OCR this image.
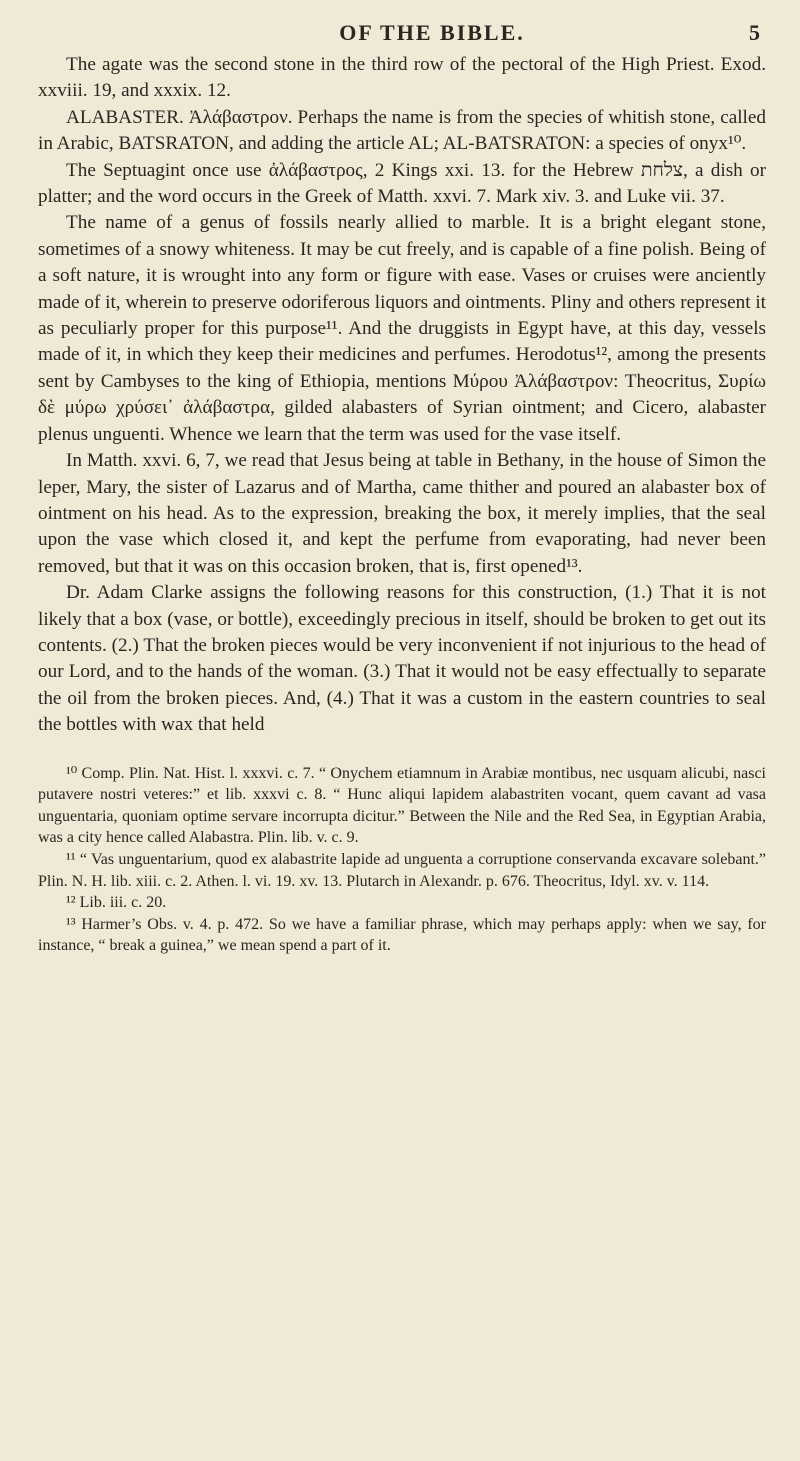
OF THE BIBLE.	5

The agate was the second stone in the third row of the pectoral of the High Priest. Exod. xxviii. 19, and xxxix. 12.

ALABASTER. Ἀλάβαστρον. Perhaps the name is from the species of whitish stone, called in Arabic, BATSRATON, and adding the article AL; AL-BATSRATON: a species of onyx¹⁰.

The Septuagint once use ἀλάβαστρος, 2 Kings xxi. 13. for the Hebrew צלחת, a dish or platter; and the word occurs in the Greek of Matth. xxvi. 7. Mark xiv. 3. and Luke vii. 37.

The name of a genus of fossils nearly allied to marble. It is a bright elegant stone, sometimes of a snowy whiteness. It may be cut freely, and is capable of a fine polish. Being of a soft nature, it is wrought into any form or figure with ease. Vases or cruises were anciently made of it, wherein to preserve odoriferous liquors and ointments. Pliny and others represent it as peculiarly proper for this purpose¹¹. And the druggists in Egypt have, at this day, vessels made of it, in which they keep their medicines and perfumes. Herodotus¹², among the presents sent by Cambyses to the king of Ethiopia, mentions Μύρου Ἀλάβαστρον: Theocritus, Συρίω δὲ μύρω χρύσει᾽ ἀλάβαστρα, gilded alabasters of Syrian ointment; and Cicero, alabaster plenus unguenti. Whence we learn that the term was used for the vase itself.

In Matth. xxvi. 6, 7, we read that Jesus being at table in Bethany, in the house of Simon the leper, Mary, the sister of Lazarus and of Martha, came thither and poured an alabaster box of ointment on his head. As to the expression, breaking the box, it merely implies, that the seal upon the vase which closed it, and kept the perfume from evaporating, had never been removed, but that it was on this occasion broken, that is, first opened¹³.

Dr. Adam Clarke assigns the following reasons for this construction, (1.) That it is not likely that a box (vase, or bottle), exceedingly precious in itself, should be broken to get out its contents. (2.) That the broken pieces would be very inconvenient if not injurious to the head of our Lord, and to the hands of the woman. (3.) That it would not be easy effectually to separate the oil from the broken pieces. And, (4.) That it was a custom in the eastern countries to seal the bottles with wax that held

¹⁰ Comp. Plin. Nat. Hist. l. xxxvi. c. 7. “ Onychem etiamnum in Arabiæ montibus, nec usquam alicubi, nasci putavere nostri veteres:” et lib. xxxvi c. 8. “ Hunc aliqui lapidem alabastriten vocant, quem cavant ad vasa unguentaria, quoniam optime servare incorrupta dicitur.” Between the Nile and the Red Sea, in Egyptian Arabia, was a city hence called Alabastra. Plin. lib. v. c. 9.

¹¹ “ Vas unguentarium, quod ex alabastrite lapide ad unguenta a corruptione conservanda excavare solebant.” Plin. N. H. lib. xiii. c. 2. Athen. l. vi. 19. xv. 13. Plutarch in Alexandr. p. 676. Theocritus, Idyl. xv. v. 114.

¹² Lib. iii. c. 20.

¹³ Harmer’s Obs. v. 4. p. 472. So we have a familiar phrase, which may perhaps apply: when we say, for instance, “ break a guinea,” we mean spend a part of it.
